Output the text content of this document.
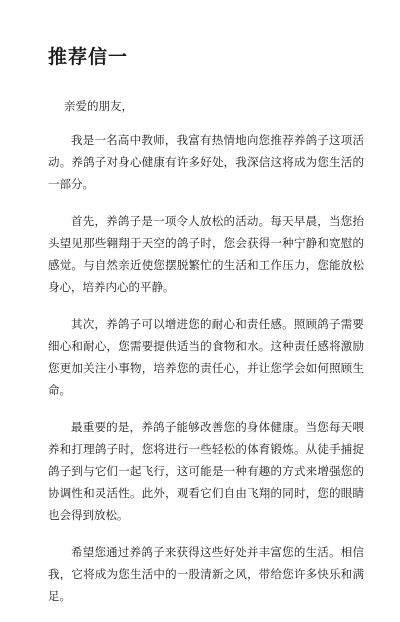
推荐信一

亲爱的朋友，

我是一名高中教师，我富有热情地向您推荐养鸽子这项活动。养鸽子对身心健康有许多好处，我深信这将成为您生活的一部分。

首先，养鸽子是一项令人放松的活动。每天早晨，当您抬头望见那些翱翔于天空的鸽子时，您会获得一种宁静和宽慰的感觉。与自然亲近使您摆脱繁忙的生活和工作压力，您能放松身心，培养内心的平静。

其次，养鸽子可以增进您的耐心和责任感。照顾鸽子需要细心和耐心，您需要提供适当的食物和水。这种责任感将激励您更加关注小事物，培养您的责任心，并让您学会如何照顾生命。

最重要的是，养鸽子能够改善您的身体健康。当您每天喂养和打理鸽子时，您将进行一些轻松的体育锻炼。从徒手捕捉鸽子到与它们一起飞行，这可能是一种有趣的方式来增强您的协调性和灵活性。此外，观看它们自由飞翔的同时，您的眼睛也会得到放松。

希望您通过养鸽子来获得这些好处并丰富您的生活。相信我，它将成为您生活中的一股清新之风，带给您许多快乐和满足。
